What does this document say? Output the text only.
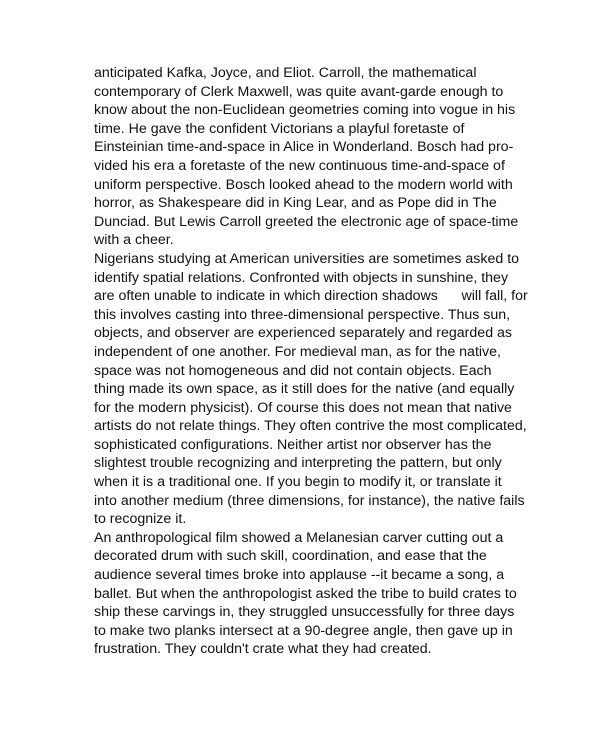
anticipated Kafka, Joyce, and Eliot. Carroll, the mathematical
contemporary of Clerk Maxwell, was quite avant-garde enough to
know about the non-Euclidean geometries coming into vogue in his
time. He gave the confident Victorians a playful foretaste of
Einsteinian time-and-space in Alice in Wonderland. Bosch had pro-
vided his era a foretaste of the new continuous time-and-space of
uniform perspective. Bosch looked ahead to the modern world with
horror, as Shakespeare did in King Lear, and as Pope did in The
Dunciad. But Lewis Carroll greeted the electronic age of space-time
with a cheer.
Nigerians studying at American universities are sometimes asked to
identify spatial relations. Confronted with objects in sunshine, they
are often unable to indicate in which direction shadows      will fall, for
this involves casting into three-dimensional perspective. Thus sun,
objects, and observer are experienced separately and regarded as
independent of one another. For medieval man, as for the native,
space was not homogeneous and did not contain objects. Each
thing made its own space, as it still does for the native (and equally
for the modern physicist). Of course this does not mean that native
artists do not relate things. They often contrive the most complicated,
sophisticated configurations. Neither artist nor observer has the
slightest trouble recognizing and interpreting the pattern, but only
when it is a traditional one. If you begin to modify it, or translate it
into another medium (three dimensions, for instance), the native fails
to recognize it.
An anthropological film showed a Melanesian carver cutting out a
decorated drum with such skill, coordination, and ease that the
audience several times broke into applause --it became a song, a
ballet. But when the anthropologist asked the tribe to build crates to
ship these carvings in, they struggled unsuccessfully for three days
to make two planks intersect at a 90-degree angle, then gave up in
frustration. They couldn't crate what they had created.
